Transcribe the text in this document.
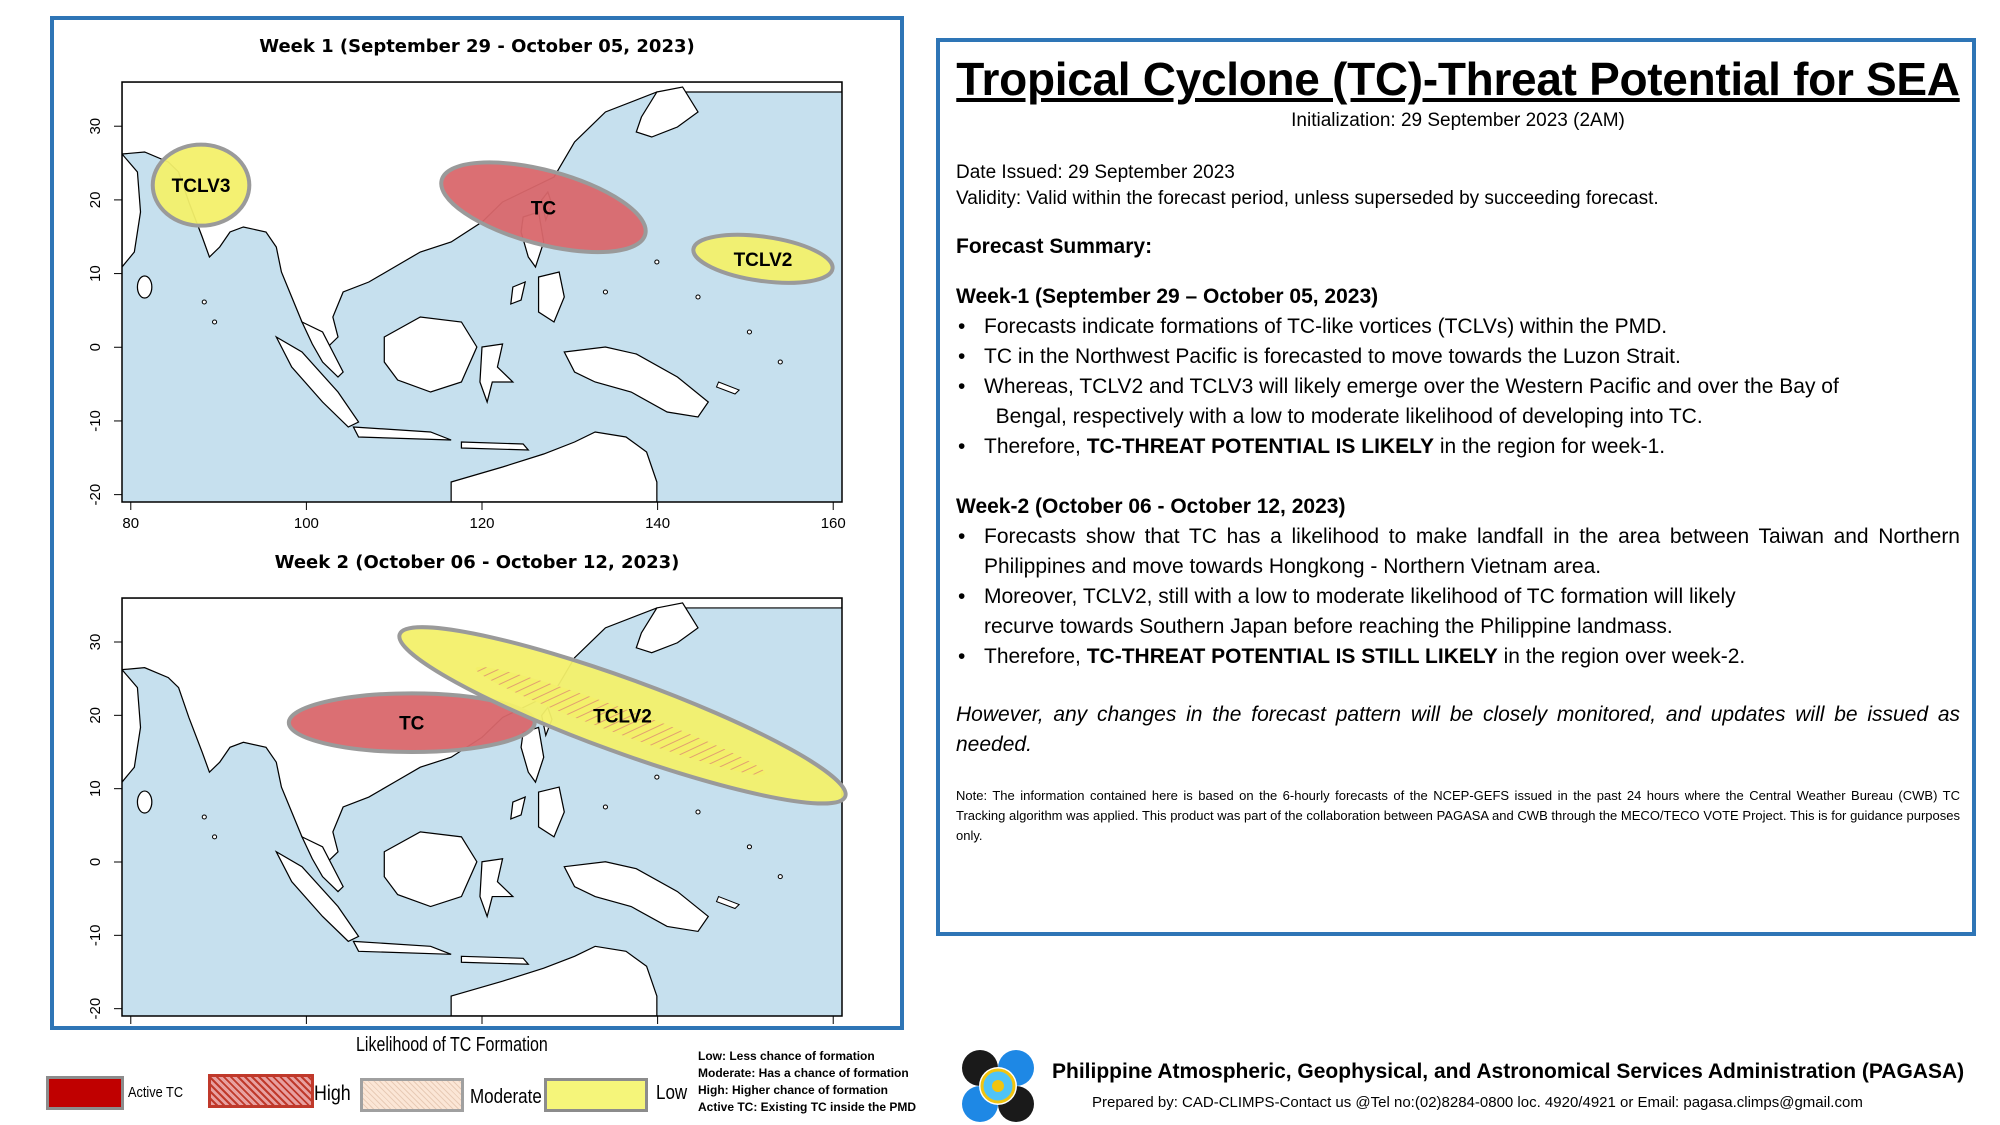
Week 1 (September 29 - October 05, 2023)
80	100	120	140	160
30
20
10
0
-10
-20
TCLV3
TC
TCLV2
Week 2 (October 06 - October 12, 2023)
30
20
10
0
-10
-20
TC	TCLV2
Tropical Cyclone (TC)-Threat Potential for SEA
Initialization: 29 September 2023 (2AM)
Date Issued: 29 September 2023
Validity: Valid within the forecast period, unless superseded by succeeding forecast.
Forecast Summary:
Week-1 (September 29 – October 05, 2023)
• Forecasts indicate formations of TC-like vortices (TCLVs) within the PMD.
• TC in the Northwest Pacific is forecasted to move towards the Luzon Strait.
• Whereas, TCLV2 and TCLV3 will likely emerge over the Western Pacific and over the Bay of
Bengal, respectively with a low to moderate likelihood of developing into TC.
• Therefore, TC-THREAT POTENTIAL IS LIKELY in the region for week-1.
Week-2 (October 06 - October 12, 2023)
• Forecasts show that TC has a likelihood to make landfall in the area between Taiwan and Northern Philippines and move towards Hongkong - Northern Vietnam area.
• Moreover, TCLV2, still with a low to moderate likelihood of TC formation will likely
recurve towards Southern Japan before reaching the Philippine landmass.
• Therefore, TC-THREAT POTENTIAL IS STILL LIKELY in the region over week-2.
However, any changes in the forecast pattern will be closely monitored, and updates will be issued as needed.
Note: The information contained here is based on the 6-hourly forecasts of the NCEP-GEFS issued in the past 24 hours where the Central Weather Bureau (CWB) TC Tracking algorithm was applied. This product was part of the collaboration between PAGASA and CWB through the MECO/TECO VOTE Project. This is for guidance purposes only.
Likelihood of TC Formation
Active TC	High	Moderate	Low
Low: Less chance of formation
Moderate: Has a chance of formation
High: Higher chance of formation
Active TC: Existing TC inside the PMD
Philippine Atmospheric, Geophysical, and Astronomical Services Administration (PAGASA)
Prepared by: CAD-CLIMPS-Contact us @Tel no:(02)8284-0800 loc. 4920/4921 or Email: pagasa.climps@gmail.com
